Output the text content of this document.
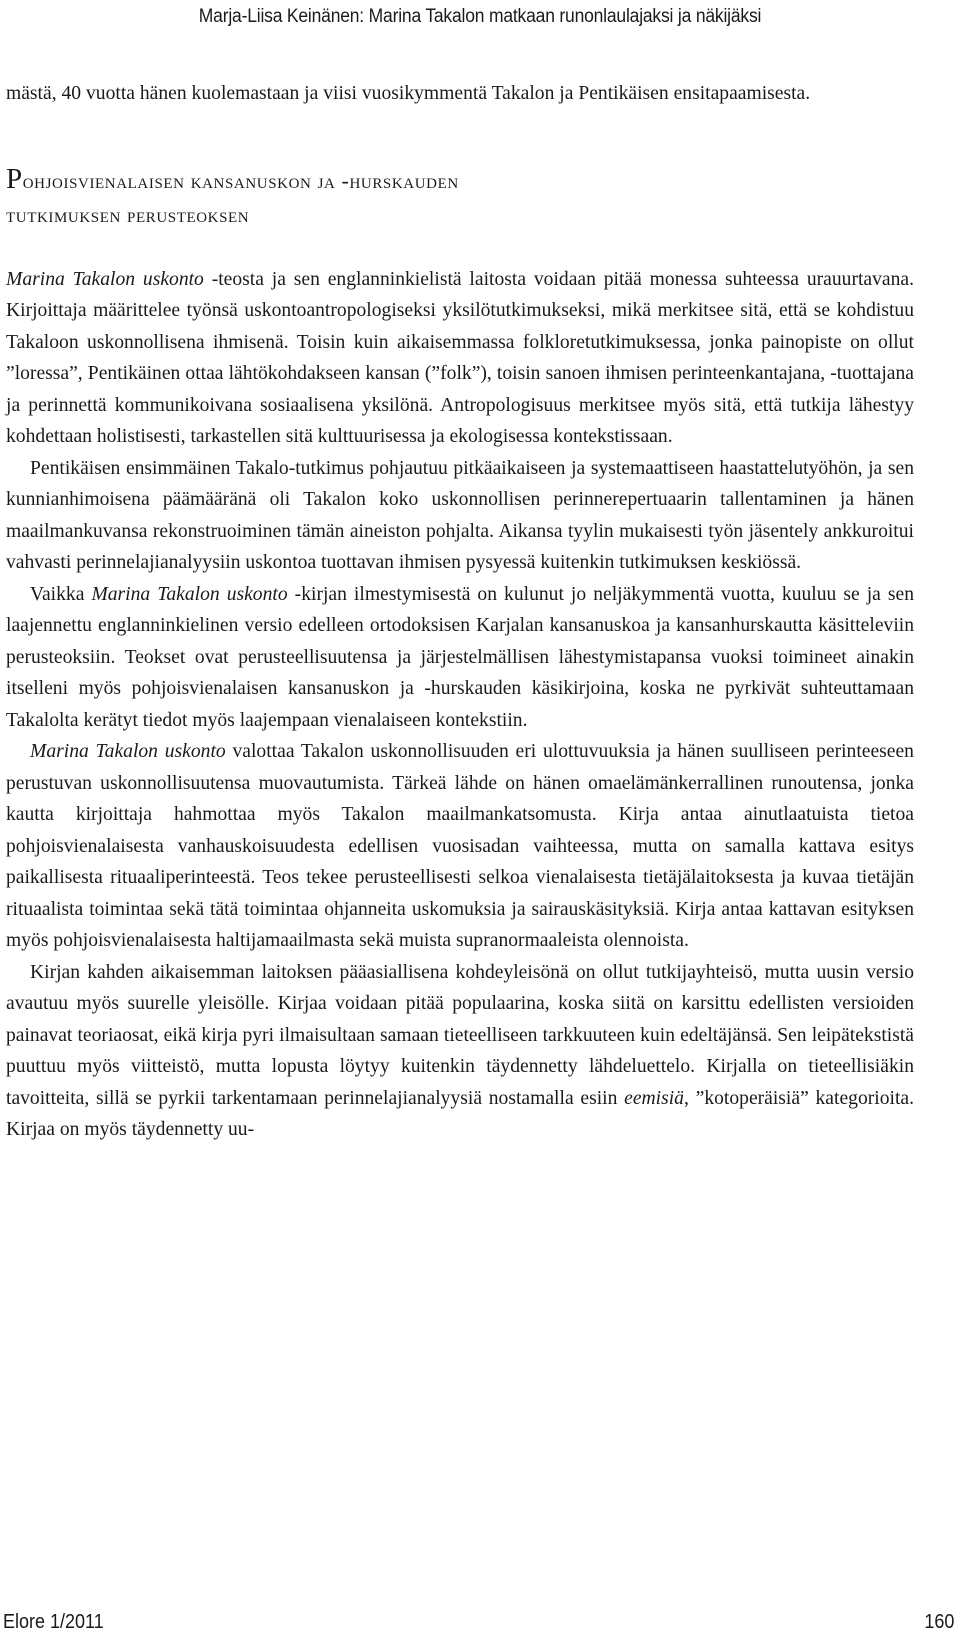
Marja-Liisa Keinänen: Marina Takalon matkaan runonlaulajaksi ja näkijäksi

mästä, 40 vuotta hänen kuolemastaan ja viisi vuosikymmentä Takalon ja Pentikäisen ensitapaamisesta.

Pohjoisvienalaisen kansanuskon ja -hurskauden
tutkimuksen perusteoksen

Marina Takalon uskonto -teosta ja sen englanninkielistä laitosta voidaan pitää monessa suhteessa urauurtavana. Kirjoittaja määrittelee työnsä uskontoantropologiseksi yksilötutkimukseksi, mikä merkitsee sitä, että se kohdistuu Takaloon uskonnollisena ihmisenä. Toisin kuin aikaisemmassa folkloretutkimuksessa, jonka painopiste on ollut ”loressa”, Pentikäinen ottaa lähtökohdakseen kansan (”folk”), toisin sanoen ihmisen perinteenkantajana, -tuottajana ja perinnettä kommunikoivana sosiaalisena yksilönä. Antropologisuus merkitsee myös sitä, että tutkija lähestyy kohdettaan holistisesti, tarkastellen sitä kulttuurisessa ja ekologisessa kontekstissaan.

Pentikäisen ensimmäinen Takalo-tutkimus pohjautuu pitkäaikaiseen ja systemaattiseen haastattelutyöhön, ja sen kunnianhimoisena päämääränä oli Takalon koko uskonnollisen perinnerepertuaarin tallentaminen ja hänen maailmankuvansa rekonstruoiminen tämän aineiston pohjalta. Aikansa tyylin mukaisesti työn jäsentely ankkuroitui vahvasti perinnelajianalyysiin uskontoa tuottavan ihmisen pysyessä kuitenkin tutkimuksen keskiössä.

Vaikka Marina Takalon uskonto -kirjan ilmestymisestä on kulunut jo neljäkymmentä vuotta, kuuluu se ja sen laajennettu englanninkielinen versio edelleen ortodoksisen Karjalan kansanuskoa ja kansanhurskautta käsitteleviin perusteoksiin. Teokset ovat perusteellisuutensa ja järjestelmällisen lähestymistapansa vuoksi toimineet ainakin itselleni myös pohjoisvienalaisen kansanuskon ja -hurskauden käsikirjoina, koska ne pyrkivät suhteuttamaan Takalolta kerätyt tiedot myös laajempaan vienalaiseen kontekstiin.

Marina Takalon uskonto valottaa Takalon uskonnollisuuden eri ulottuvuuksia ja hänen suulliseen perinteeseen perustuvan uskonnollisuutensa muovautumista. Tärkeä lähde on hänen omaelämänkerrallinen runoutensa, jonka kautta kirjoittaja hahmottaa myös Takalon maailmankatsomusta. Kirja antaa ainutlaatuista tietoa pohjoisvienalaisesta vanhauskoisuudesta edellisen vuosisadan vaihteessa, mutta on samalla kattava esitys paikallisesta rituaaliperinteestä. Teos tekee perusteellisesti selkoa vienalaisesta tietäjälaitoksesta ja kuvaa tietäjän rituaalista toimintaa sekä tätä toimintaa ohjanneita uskomuksia ja sairauskäsityksiä. Kirja antaa kattavan esityksen myös pohjoisvienalaisesta haltijamaailmasta sekä muista supranormaaleista olennoista.

Kirjan kahden aikaisemman laitoksen pääasiallisena kohdeyleisönä on ollut tutkijayhteisö, mutta uusin versio avautuu myös suurelle yleisölle. Kirjaa voidaan pitää populaarina, koska siitä on karsittu edellisten versioiden painavat teoriaosat, eikä kirja pyri ilmaisultaan samaan tieteelliseen tarkkuuteen kuin edeltäjänsä. Sen leipätekstistä puuttuu myös viitteistö, mutta lopusta löytyy kuitenkin täydennetty lähdeluettelo. Kirjalla on tieteellisiäkin tavoitteita, sillä se pyrkii tarkentamaan perinnelajianalyysiä nostamalla esiin eemisiä, ”kotoperäisiä” kategorioita. Kirjaa on myös täydennetty uu-

Elore 1/2011	160
